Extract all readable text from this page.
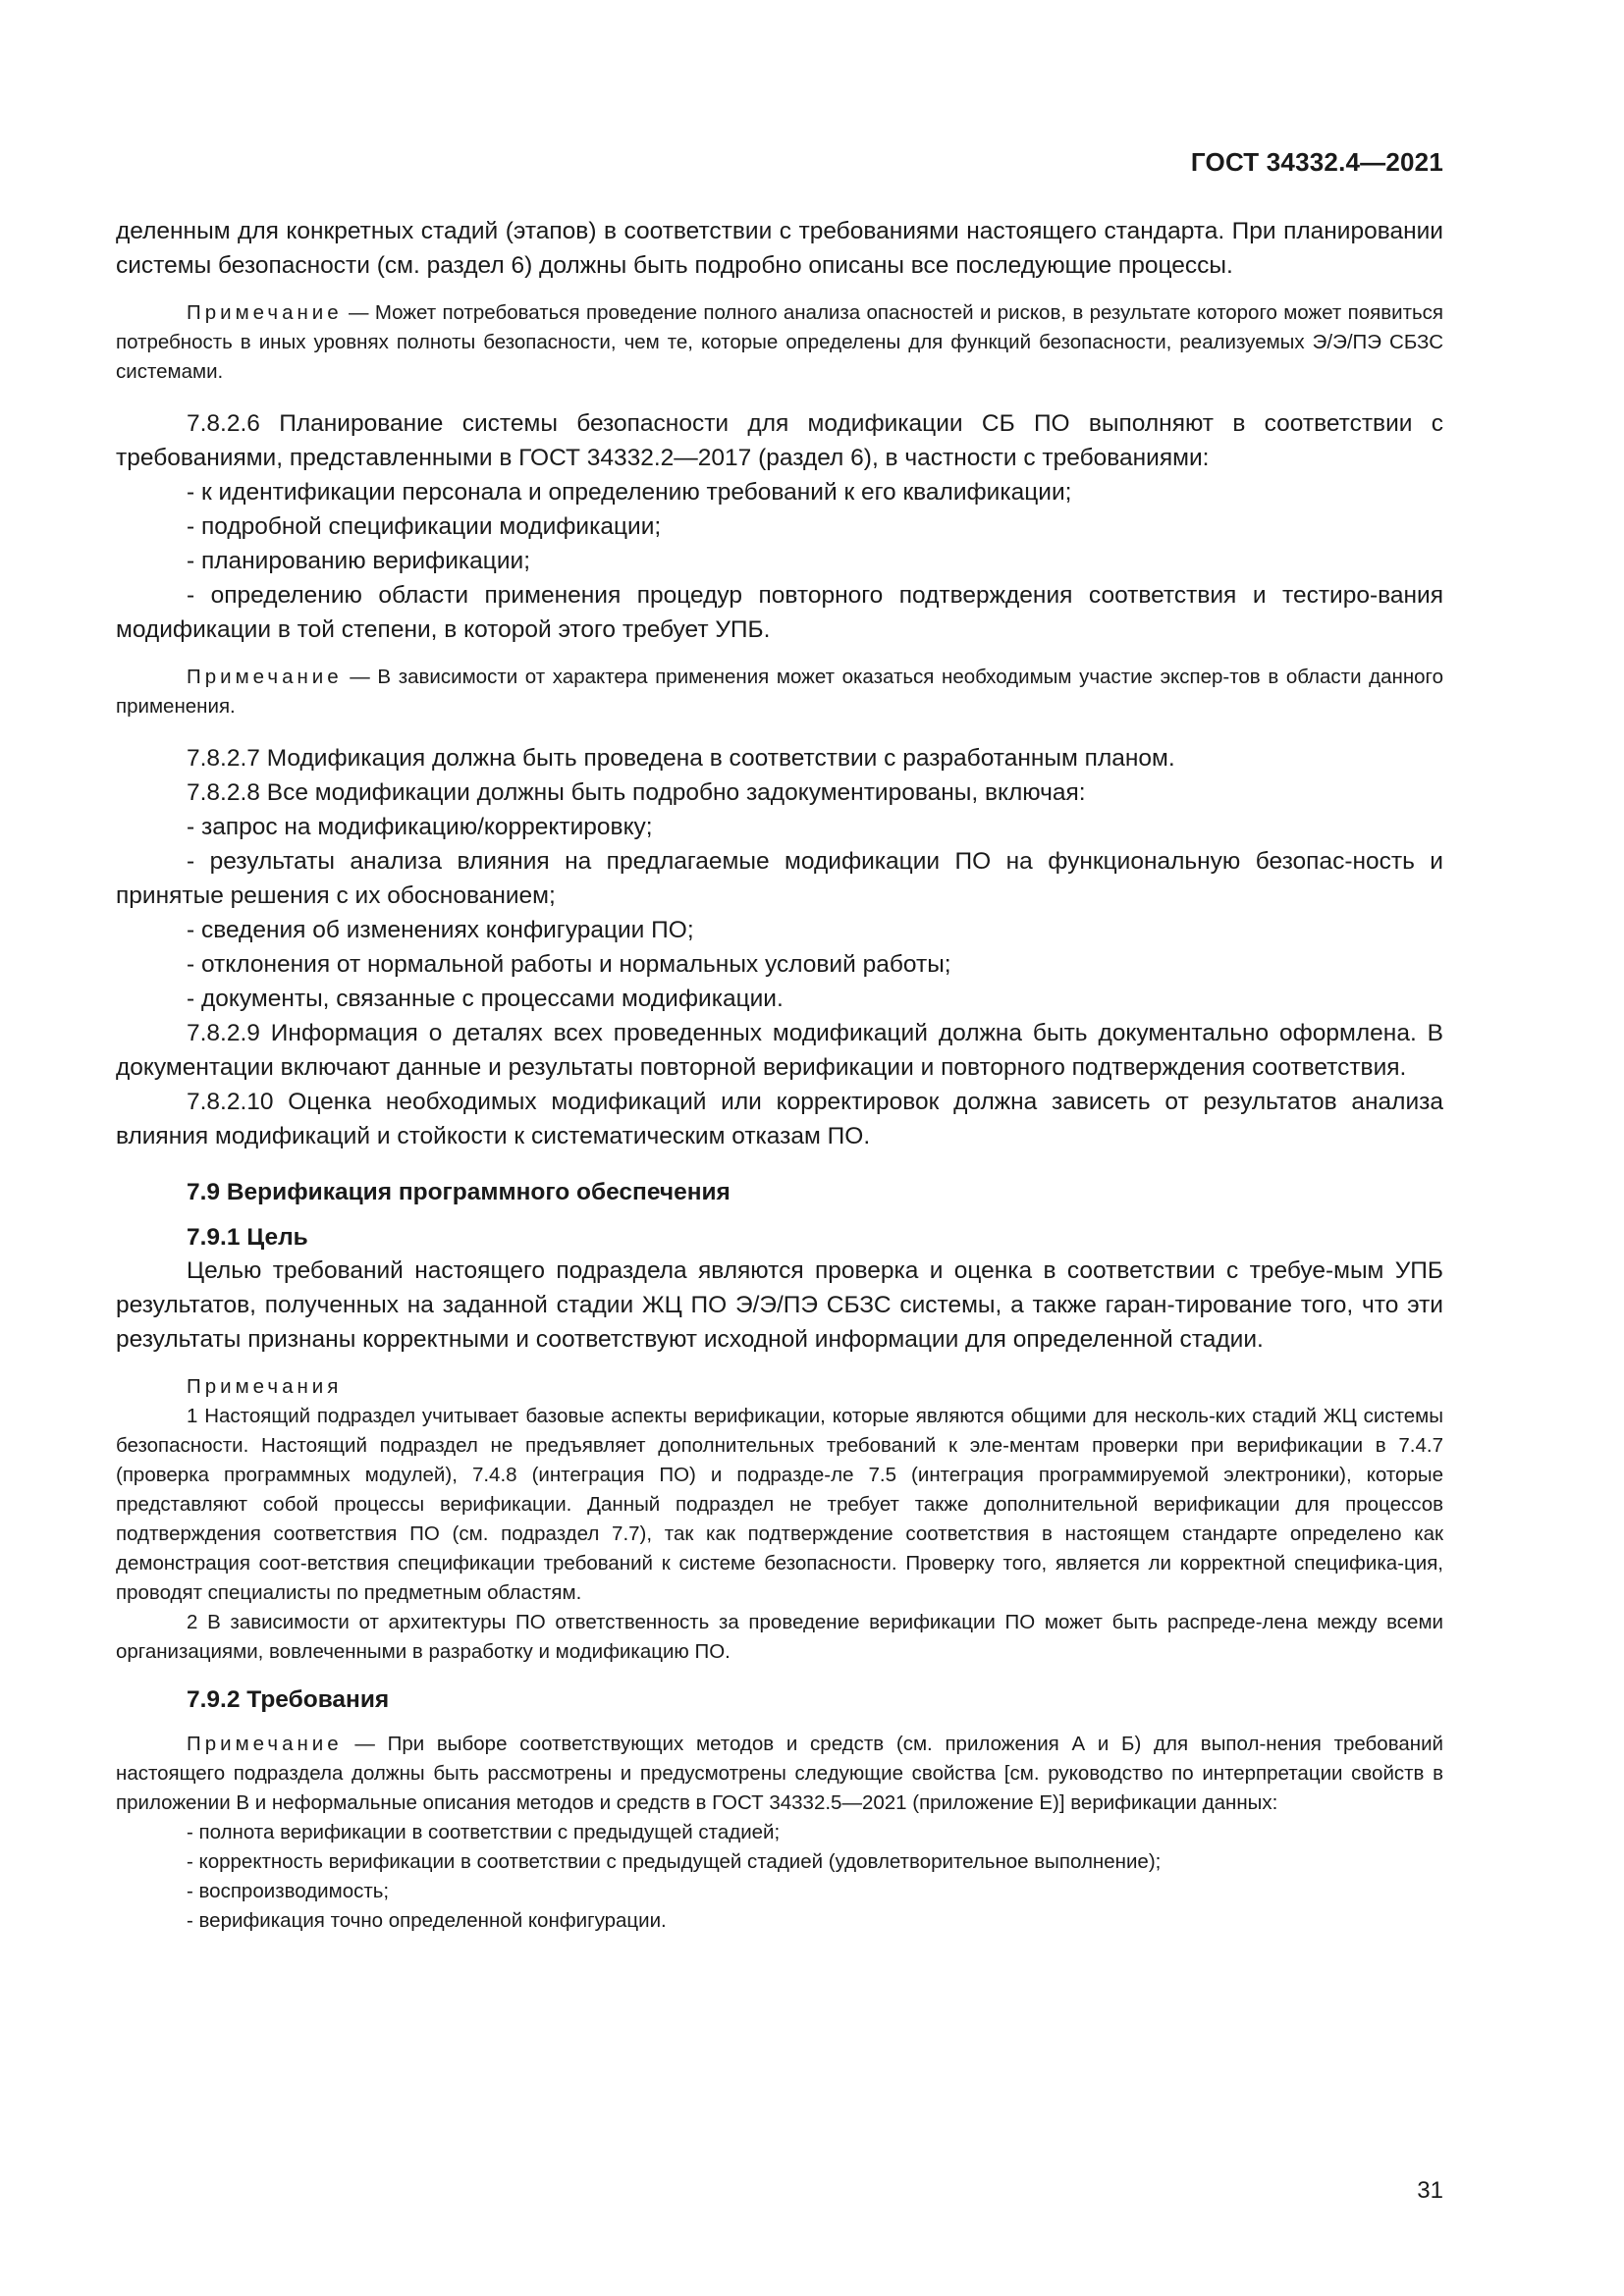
ГОСТ 34332.4—2021

деленным для конкретных стадий (этапов) в соответствии с требованиями настоящего стандарта. При планировании системы безопасности (см. раздел 6) должны быть подробно описаны все последующие процессы.

Примечание — Может потребоваться проведение полного анализа опасностей и рисков, в результате которого может появиться потребность в иных уровнях полноты безопасности, чем те, которые определены для функций безопасности, реализуемых Э/Э/ПЭ СБЗС системами.

7.8.2.6 Планирование системы безопасности для модификации СБ ПО выполняют в соответствии с требованиями, представленными в ГОСТ 34332.2—2017 (раздел 6), в частности с требованиями:

- к идентификации персонала и определению требований к его квалификации;

- подробной спецификации модификации;

- планированию верификации;

- определению области применения процедур повторного подтверждения соответствия и тестиро-вания модификации в той степени, в которой этого требует УПБ.

Примечание — В зависимости от характера применения может оказаться необходимым участие экспер-тов в области данного применения.

7.8.2.7 Модификация должна быть проведена в соответствии с разработанным планом.

7.8.2.8 Все модификации должны быть подробно задокументированы, включая:

- запрос на модификацию/корректировку;

- результаты анализа влияния на предлагаемые модификации ПО на функциональную безопас-ность и принятые решения с их обоснованием;

- сведения об изменениях конфигурации ПО;

- отклонения от нормальной работы и нормальных условий работы;

- документы, связанные с процессами модификации.

7.8.2.9 Информация о деталях всех проведенных модификаций должна быть документально оформлена. В документации включают данные и результаты повторной верификации и повторного подтверждения соответствия.

7.8.2.10 Оценка необходимых модификаций или корректировок должна зависеть от результатов анализа влияния модификаций и стойкости к систематическим отказам ПО.

7.9 Верификация программного обеспечения
7.9.1 Цель

Целью требований настоящего подраздела являются проверка и оценка в соответствии с требуе-мым УПБ результатов, полученных на заданной стадии ЖЦ ПО Э/Э/ПЭ СБЗС системы, а также гаран-тирование того, что эти результаты признаны корректными и соответствуют исходной информации для определенной стадии.

Примечания

1 Настоящий подраздел учитывает базовые аспекты верификации, которые являются общими для несколь-ких стадий ЖЦ системы безопасности. Настоящий подраздел не предъявляет дополнительных требований к эле-ментам проверки при верификации в 7.4.7 (проверка программных модулей), 7.4.8 (интеграция ПО) и подразде-ле 7.5 (интеграция программируемой электроники), которые представляют собой процессы верификации. Данный подраздел не требует также дополнительной верификации для процессов подтверждения соответствия ПО (см. подраздел 7.7), так как подтверждение соответствия в настоящем стандарте определено как демонстрация соот-ветствия спецификации требований к системе безопасности. Проверку того, является ли корректной специфика-ция, проводят специалисты по предметным областям.

2 В зависимости от архитектуры ПО ответственность за проведение верификации ПО может быть распреде-лена между всеми организациями, вовлеченными в разработку и модификацию ПО.

7.9.2 Требования

Примечание — При выборе соответствующих методов и средств (см. приложения А и Б) для выпол-нения требований настоящего подраздела должны быть рассмотрены и предусмотрены следующие свойства [см. руководство по интерпретации свойств в приложении В и неформальные описания методов и средств в ГОСТ 34332.5—2021 (приложение Е)] верификации данных:

- полнота верификации в соответствии с предыдущей стадией;

- корректность верификации в соответствии с предыдущей стадией (удовлетворительное выполнение);

- воспроизводимость;

- верификация точно определенной конфигурации.

31
